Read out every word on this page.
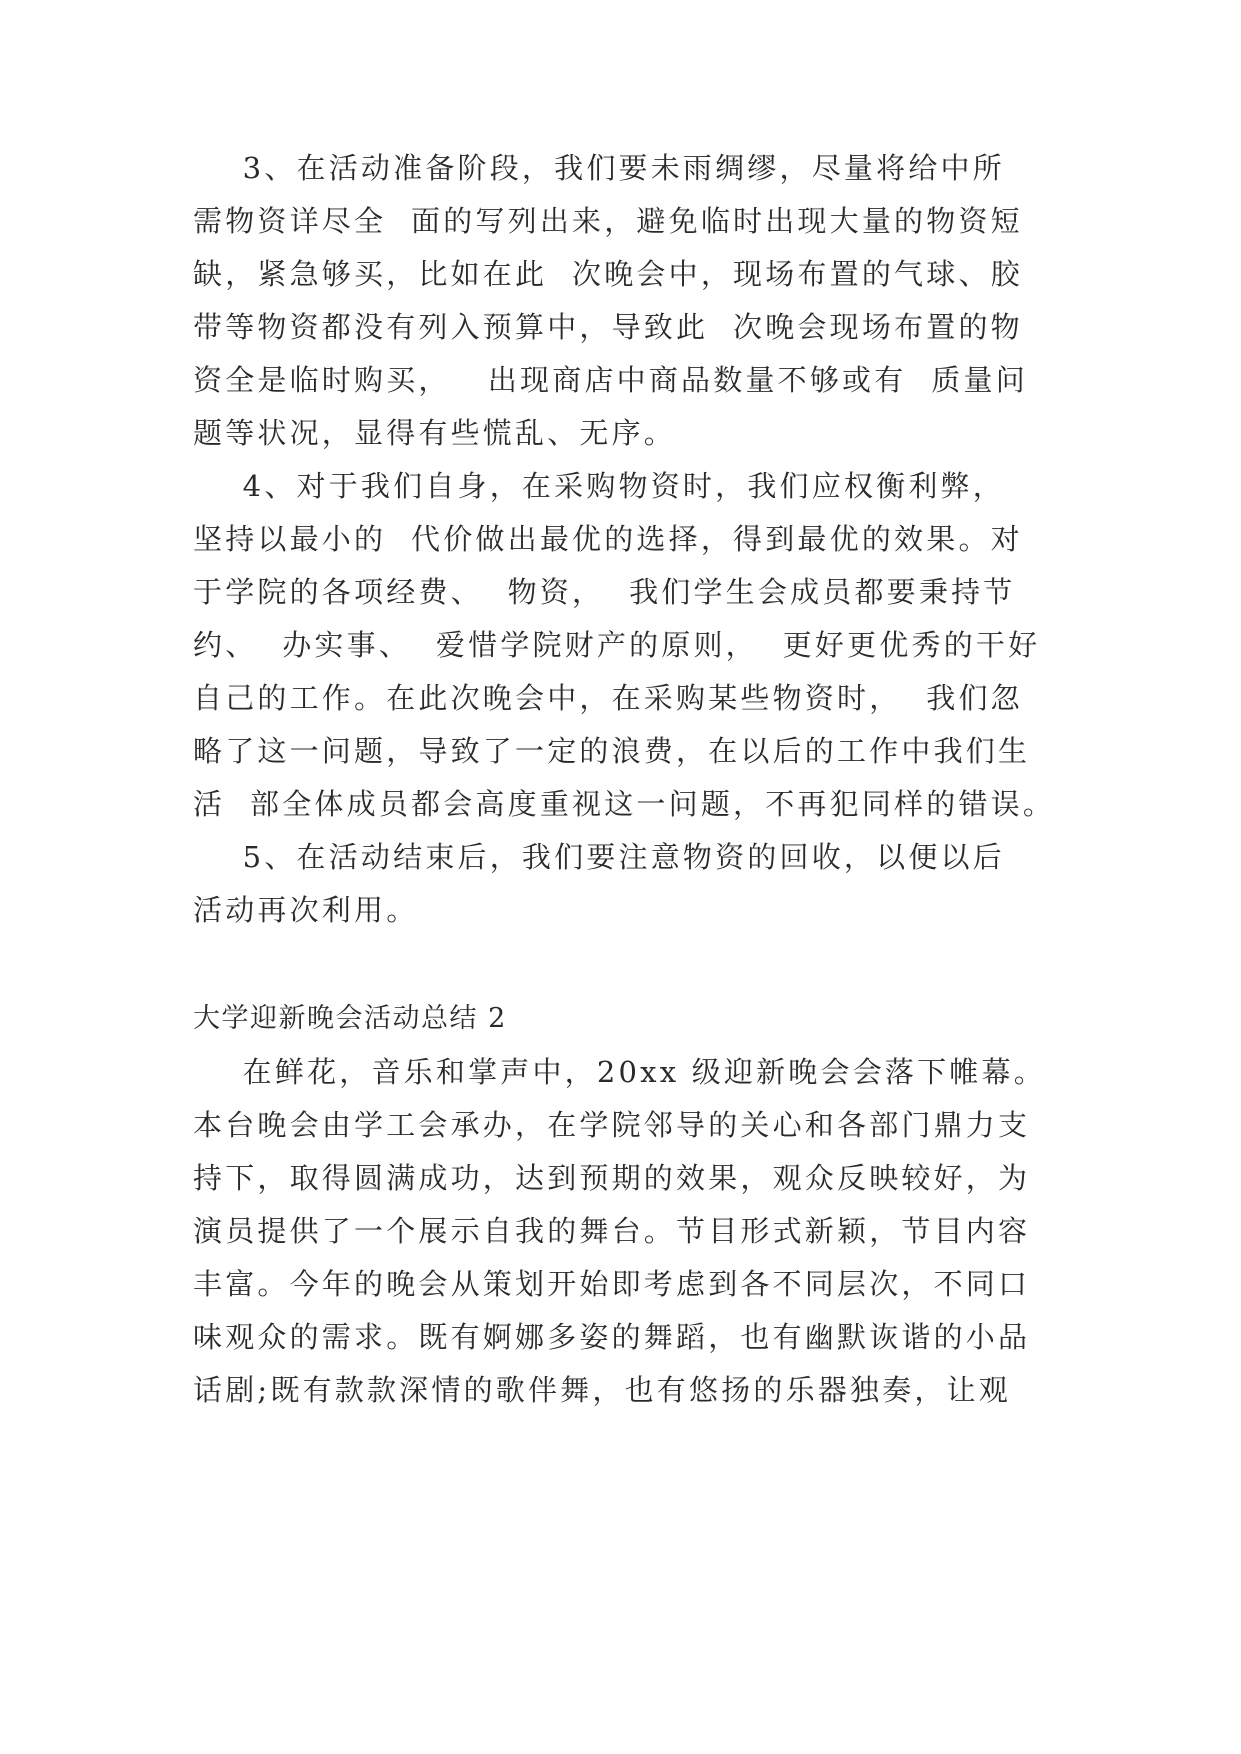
3、在活动准备阶段，我们要未雨绸缪，尽量将给中所
需物资详尽全  面的写列出来，避免临时出现大量的物资短
缺，紧急够买，比如在此  次晚会中，现场布置的气球、胶
带等物资都没有列入预算中，导致此  次晚会现场布置的物
资全是临时购买，   出现商店中商品数量不够或有  质量问
题等状况，显得有些慌乱、无序。
4、对于我们自身，在采购物资时，我们应权衡利弊，
坚持以最小的  代价做出最优的选择，得到最优的效果。对
于学院的各项经费、  物资，  我们学生会成员都要秉持节
约、  办实事、  爱惜学院财产的原则，  更好更优秀的干好
自己的工作。在此次晚会中，在采购某些物资时，  我们忽
略了这一问题，导致了一定的浪费，在以后的工作中我们生
活  部全体成员都会高度重视这一问题，不再犯同样的错误。
5、在活动结束后，我们要注意物资的回收，以便以后
活动再次利用。
大学迎新晚会活动总结 2
在鲜花，音乐和掌声中，20xx 级迎新晚会会落下帷幕。
本台晚会由学工会承办，在学院邻导的关心和各部门鼎力支
持下，取得圆满成功，达到预期的效果，观众反映较好，为
演员提供了一个展示自我的舞台。节目形式新颖，节目内容
丰富。今年的晚会从策划开始即考虑到各不同层次，不同口
味观众的需求。既有婀娜多姿的舞蹈，也有幽默诙谐的小品
话剧;既有款款深情的歌伴舞，也有悠扬的乐器独奏，让观
